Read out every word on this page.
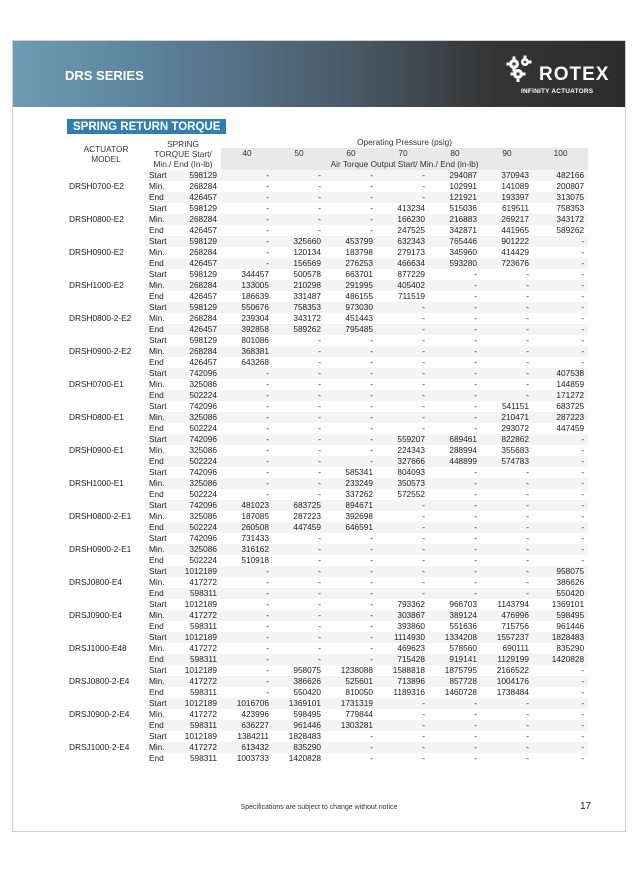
DRS SERIES	ROTEX
INFINITY ACTUATORS
SPRING RETURN TORQUE
ACTUATOR MODEL	SPRING TORQUE Start/ Min./ End (In-lb)		Operating Pressure (psig)						
			40	50	60	70	80	90	100
			Air Torque Output Start/ Min./ End (in-lb)						
DRSH0700-E2	Start	598129	-	-	-	-	294087	370943	482166
	Min.	268284	-	-	-	-	102991	141089	200807
	End	426457	-	-	-	-	121921	193397	313075
DRSH0800-E2	Start	598129	-	-	-	413234	515036	619511	758353
	Min.	268284	-	-	-	166230	216883	269217	343172
	End	426457	-	-	-	247525	342871	441965	589262
DRSH0900-E2	Start	598129	-	325660	453799	632343	765446	901222	-
	Min.	268284	-	120134	183798	279173	345960	414429	-
	End	426457	-	156569	276253	466634	593280	723676	-
DRSH1000-E2	Start	598129	344457	500578	663701	877229	-	-	-
	Min.	268284	133005	210298	291995	405402	-	-	-
	End	426457	186639	331487	486155	711519	-	-	-
DRSH0800-2-E2	Start	598129	550676	758353	973030	-	-	-	-
	Min.	268284	239304	343172	451443	-	-	-	-
	End	426457	392858	589262	795485	-	-	-	-
DRSH0900-2-E2	Start	598129	801086	-	-	-	-	-	-
	Min.	268284	368381	-	-	-	-	-	-
	End	426457	643268	-	-	-	-	-	-
DRSH0700-E1	Start	742096	-	-	-	-	-	-	407538
	Min.	325086	-	-	-	-	-	-	144859
	End	502224	-	-	-	-	-	-	171272
DRSH0800-E1	Start	742096	-	-	-	-	-	541151	683725
	Min.	325086	-	-	-	-	-	210471	287223
	End	502224	-	-	-	-	-	293072	447459
DRSH0900-E1	Start	742096	-	-	-	559207	689461	822862	-
	Min.	325086	-	-	-	224343	288994	355683	-
	End	502224	-	-	-	327666	448899	574783	-
DRSH1000-E1	Start	742096	-	-	585341	804093	-	-	-
	Min.	325086	-	-	233249	350573	-	-	-
	End	502224	-	-	337262	572552	-	-	-
DRSH0800-2-E1	Start	742096	481023	683725	894671	-	-	-	-
	Min.	325086	187085	287223	392698	-	-	-	-
	End	502224	260508	447459	646591	-	-	-	-
DRSH0900-2-E1	Start	742096	731433	-	-	-	-	-	-
	Min.	325086	316162	-	-	-	-	-	-
	End	502224	510918	-	-	-	-	-	-
DRSJ0800-E4	Start	1012189	-	-	-	-	-	-	958075
	Min.	417272	-	-	-	-	-	-	386626
	End	598311	-	-	-	-	-	-	550420
DRSJ0900-E4	Start	1012189	-	-	-	793362	966703	1143794	1369101
	Min.	417272	-	-	-	303867	389124	476996	598495
	End	598311	-	-	-	393860	551636	715756	961446
DRSJ1000-E48	Start	1012189	-	-	-	1114930	1334208	1557237	1828483
	Min.	417272	-	-	-	469623	578560	690111	835290
	End	598311	-	-	-	715428	919141	1129199	1420828
DRSJ0800-2-E4	Start	1012189	-	958075	1238088	1588818	1875795	2166522	-
	Min.	417272	-	386626	525601	713896	857728	1004176	-
	End	598311	-	550420	810050	1189316	1460728	1738484	-
DRSJ0900-2-E4	Start	1012189	1016706	1369101	1731319	-	-	-	-
	Min.	417272	423996	598495	779844	-	-	-	-
	End	598311	636227	961446	1303281	-	-	-	-
DRSJ1000-2-E4	Start	1012189	1384211	1828483	-	-	-	-	-
	Min.	417272	613432	835290	-	-	-	-	-
	End	598311	1003733	1420828	-	-	-	-	-
Specifications are subject to change without notice	17
